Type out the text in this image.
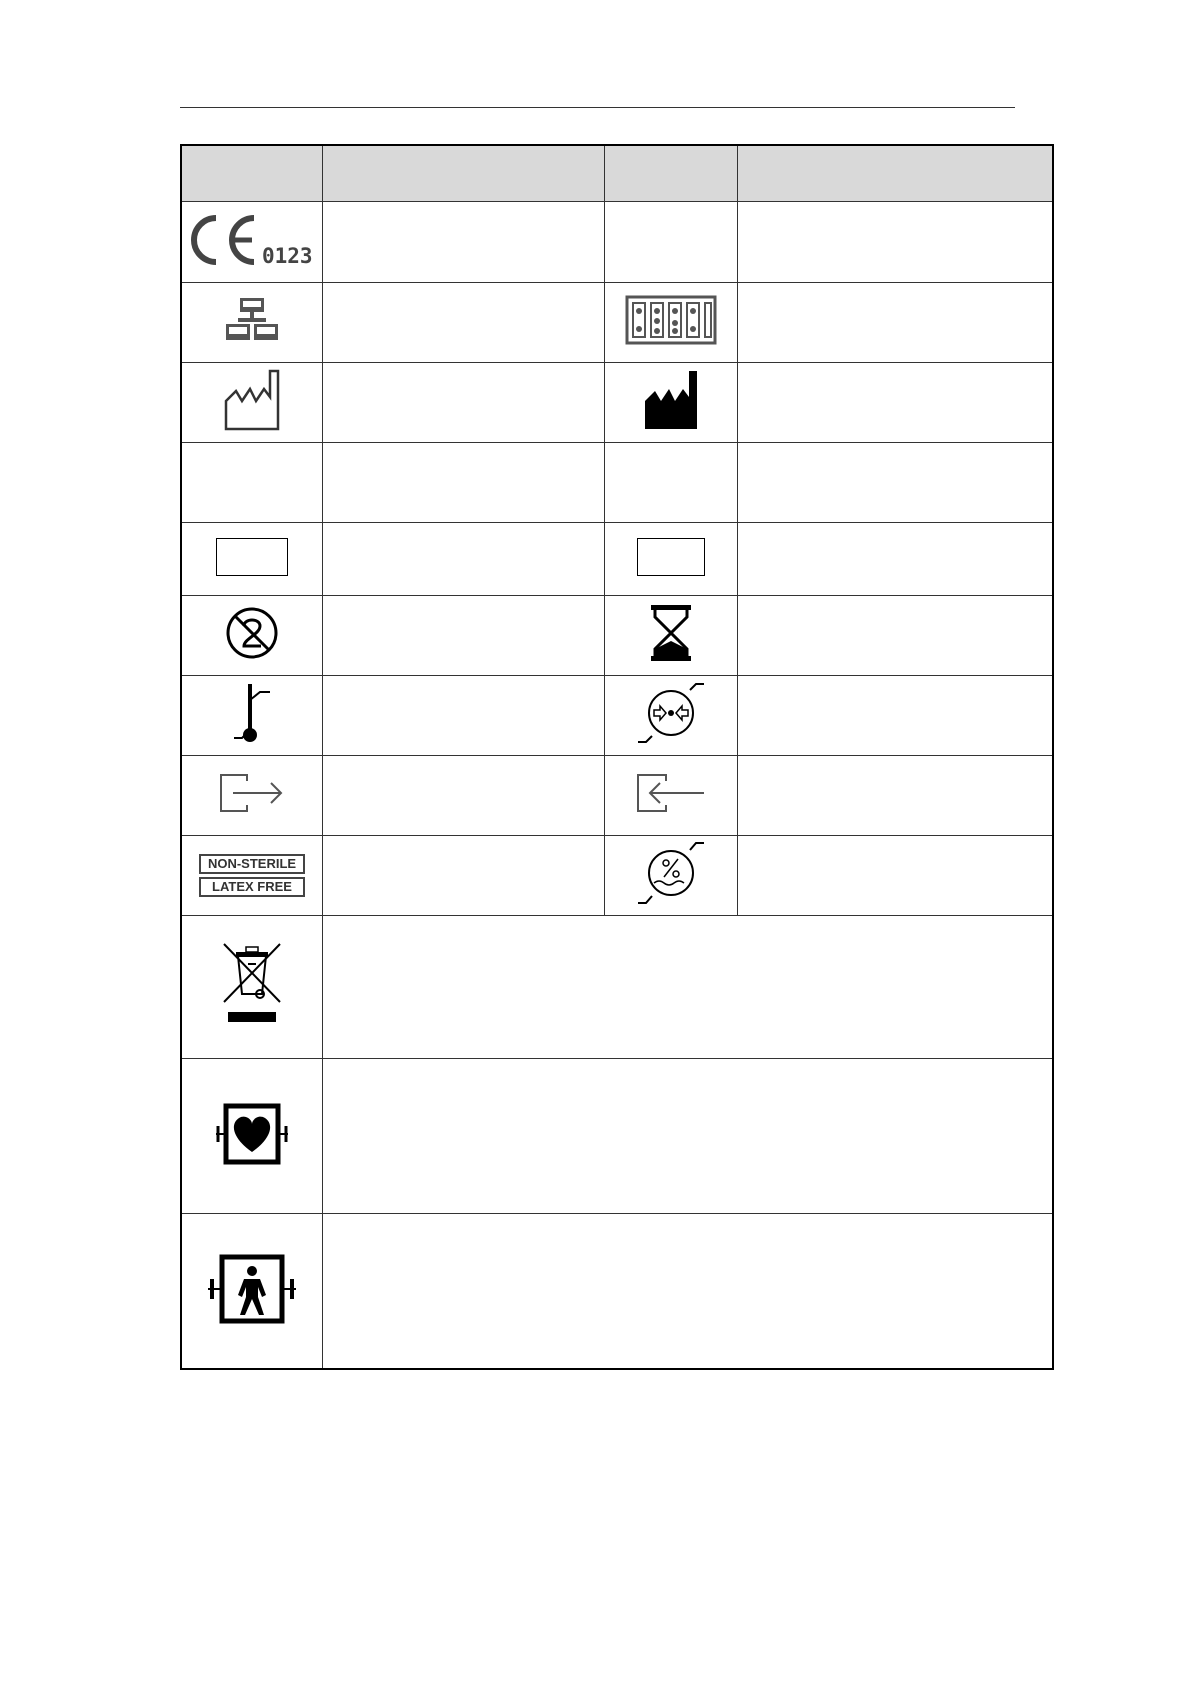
0123			

NON-STERILE
LATEX FREE
